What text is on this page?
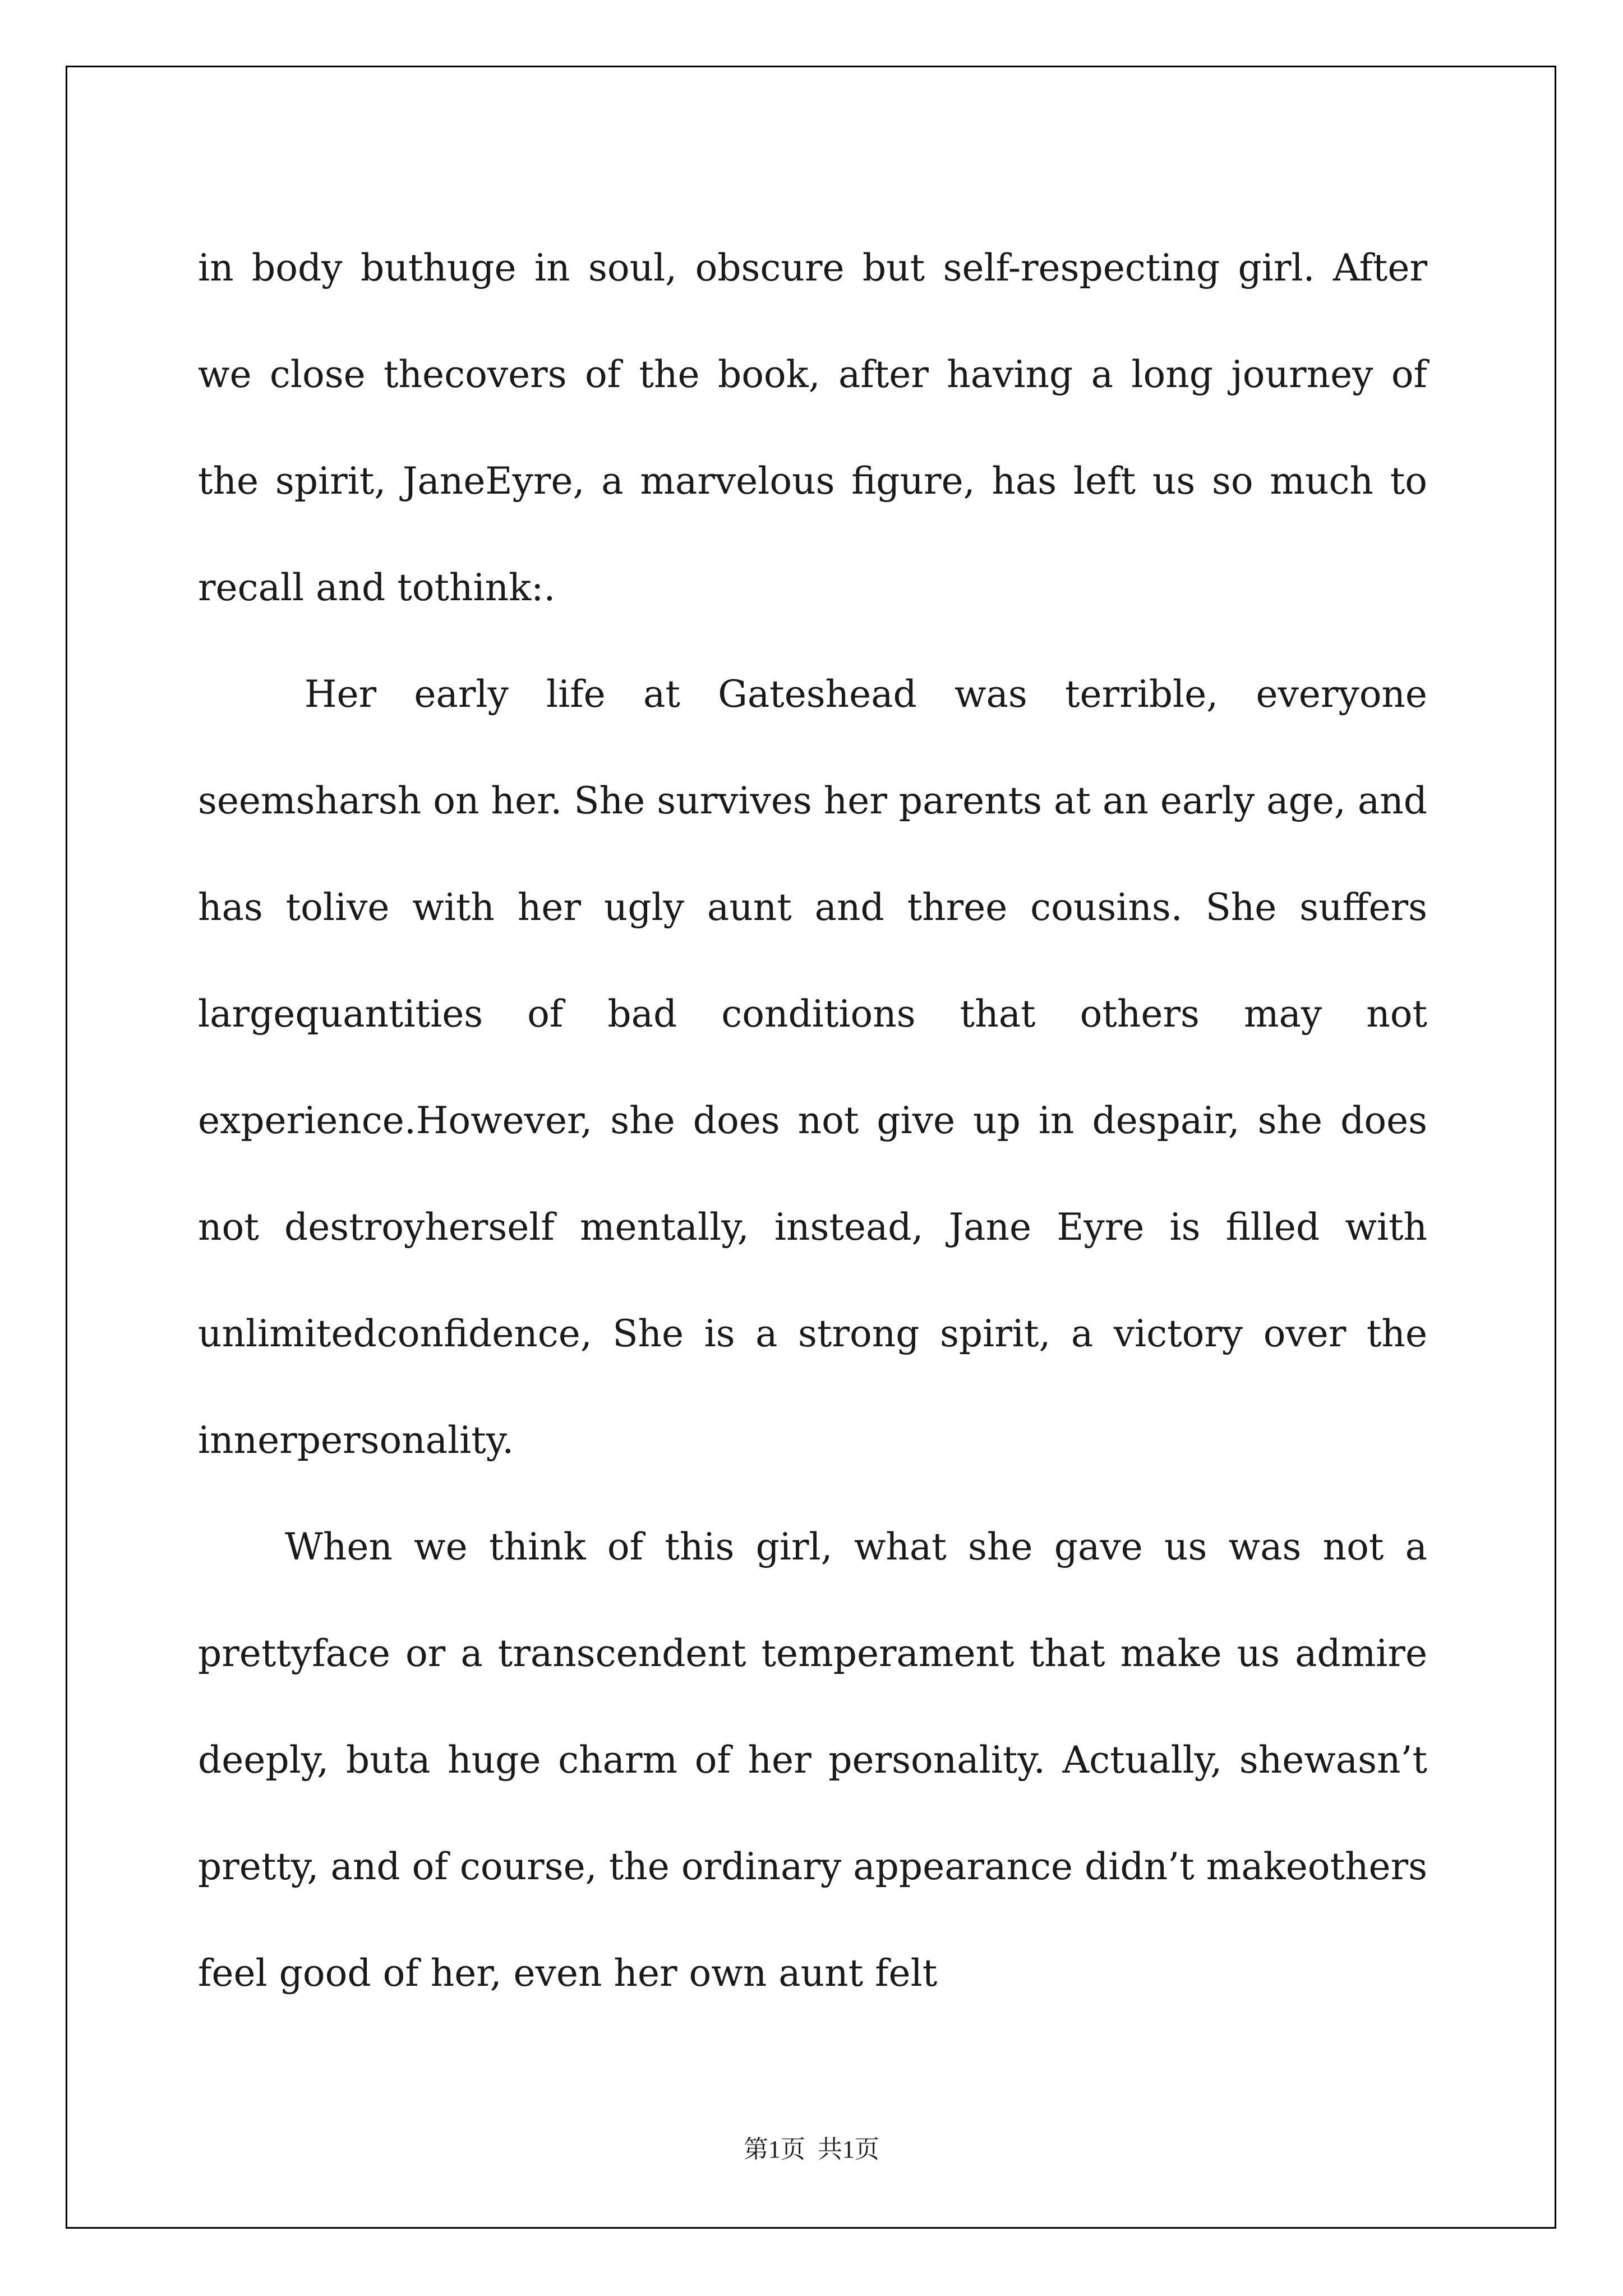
in body buthuge in soul, obscure but self-respecting girl. After we close thecovers of the book, after having a long journey of the spirit, JaneEyre, a marvelous figure, has left us so much to recall and tothink:.

Her early life at Gateshead was terrible, everyone seemsharsh on her. She survives her parents at an early age, and has tolive with her ugly aunt and three cousins. She suffers largequantities of bad conditions that others may not experience.However, she does not give up in despair, she does not destroyherself mentally, instead, Jane Eyre is filled with unlimitedconfidence, She is a strong spirit, a victory over the innerpersonality.

When we think of this girl, what she gave us was not a prettyface or a transcendent temperament that make us admire deeply, buta huge charm of her personality. Actually, shewasn’t pretty, and of course, the ordinary appearance didn’t makeothers feel good of her, even her own aunt felt

第1页  共1页
